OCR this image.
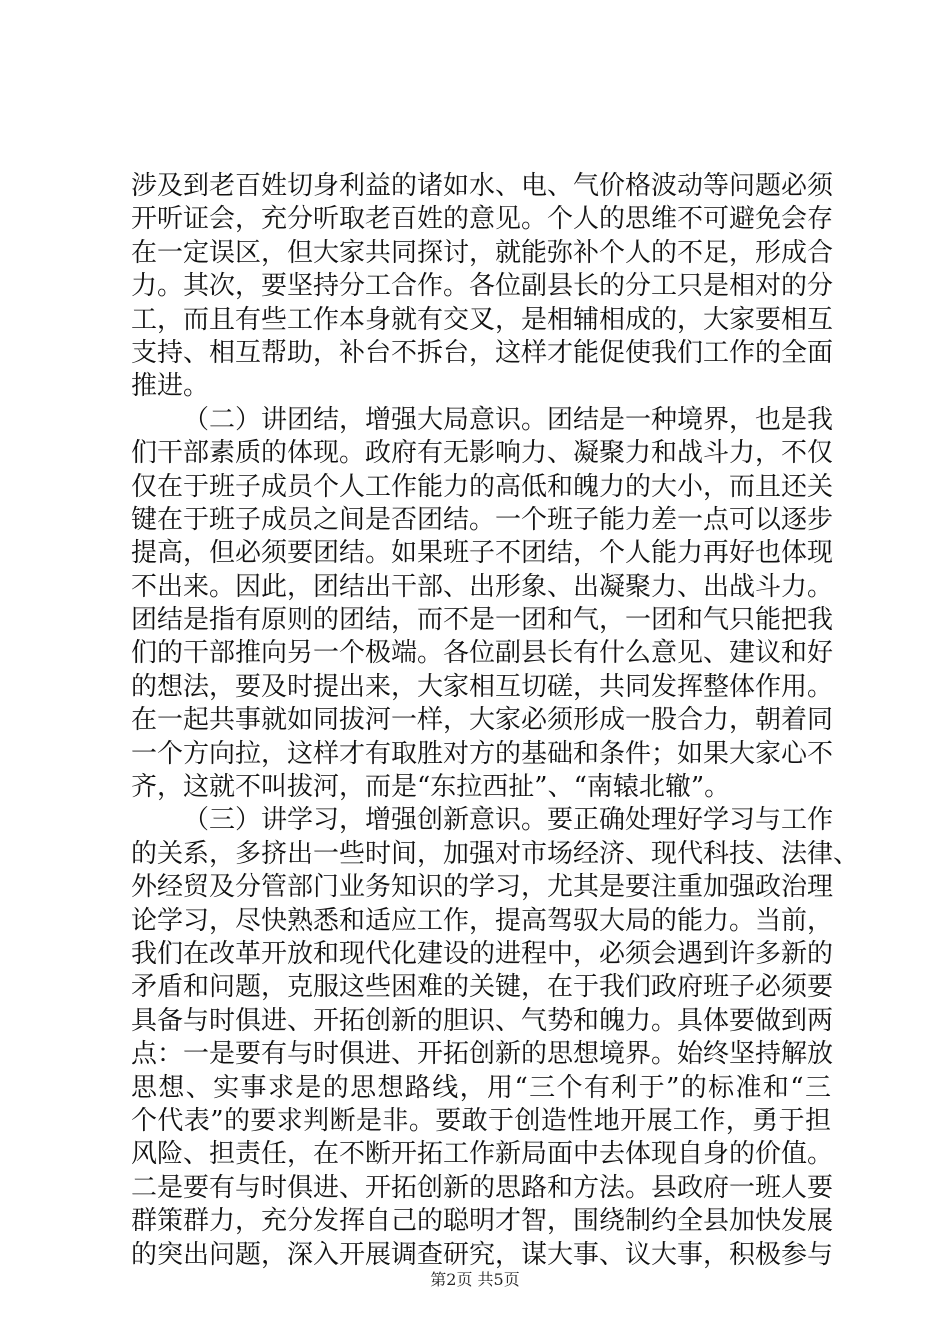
涉及到老百姓切身利益的诸如水、电、气价格波动等问题必须
开听证会，充分听取老百姓的意见。个人的思维不可避免会存
在一定误区，但大家共同探讨，就能弥补个人的不足，形成合
力。其次，要坚持分工合作。各位副县长的分工只是相对的分
工，而且有些工作本身就有交叉，是相辅相成的，大家要相互
支持、相互帮助，补台不拆台，这样才能促使我们工作的全面
推进。
（二）讲团结，增强大局意识。团结是一种境界，也是我
们干部素质的体现。政府有无影响力、凝聚力和战斗力，不仅
仅在于班子成员个人工作能力的高低和魄力的大小，而且还关
键在于班子成员之间是否团结。一个班子能力差一点可以逐步
提高，但必须要团结。如果班子不团结，个人能力再好也体现
不出来。因此，团结出干部、出形象、出凝聚力、出战斗力。
团结是指有原则的团结，而不是一团和气，一团和气只能把我
们的干部推向另一个极端。各位副县长有什么意见、建议和好
的想法，要及时提出来，大家相互切磋，共同发挥整体作用。
在一起共事就如同拔河一样，大家必须形成一股合力，朝着同
一个方向拉，这样才有取胜对方的基础和条件；如果大家心不
齐，这就不叫拔河，而是“东拉西扯”、“南辕北辙”。
（三）讲学习，增强创新意识。要正确处理好学习与工作
的关系，多挤出一些时间，加强对市场经济、现代科技、法律、
外经贸及分管部门业务知识的学习，尤其是要注重加强政治理
论学习，尽快熟悉和适应工作，提高驾驭大局的能力。当前，
我们在改革开放和现代化建设的进程中，必须会遇到许多新的
矛盾和问题，克服这些困难的关键，在于我们政府班子必须要
具备与时俱进、开拓创新的胆识、气势和魄力。具体要做到两
点：一是要有与时俱进、开拓创新的思想境界。始终坚持解放
思想、实事求是的思想路线，用“三个有利于”的标准和“三
个代表”的要求判断是非。要敢于创造性地开展工作，勇于担
风险、担责任，在不断开拓工作新局面中去体现自身的价值。
二是要有与时俱进、开拓创新的思路和方法。县政府一班人要
群策群力，充分发挥自己的聪明才智，围绕制约全县加快发展
的突出问题，深入开展调查研究，谋大事、议大事，积极参与
第2页 共5页
